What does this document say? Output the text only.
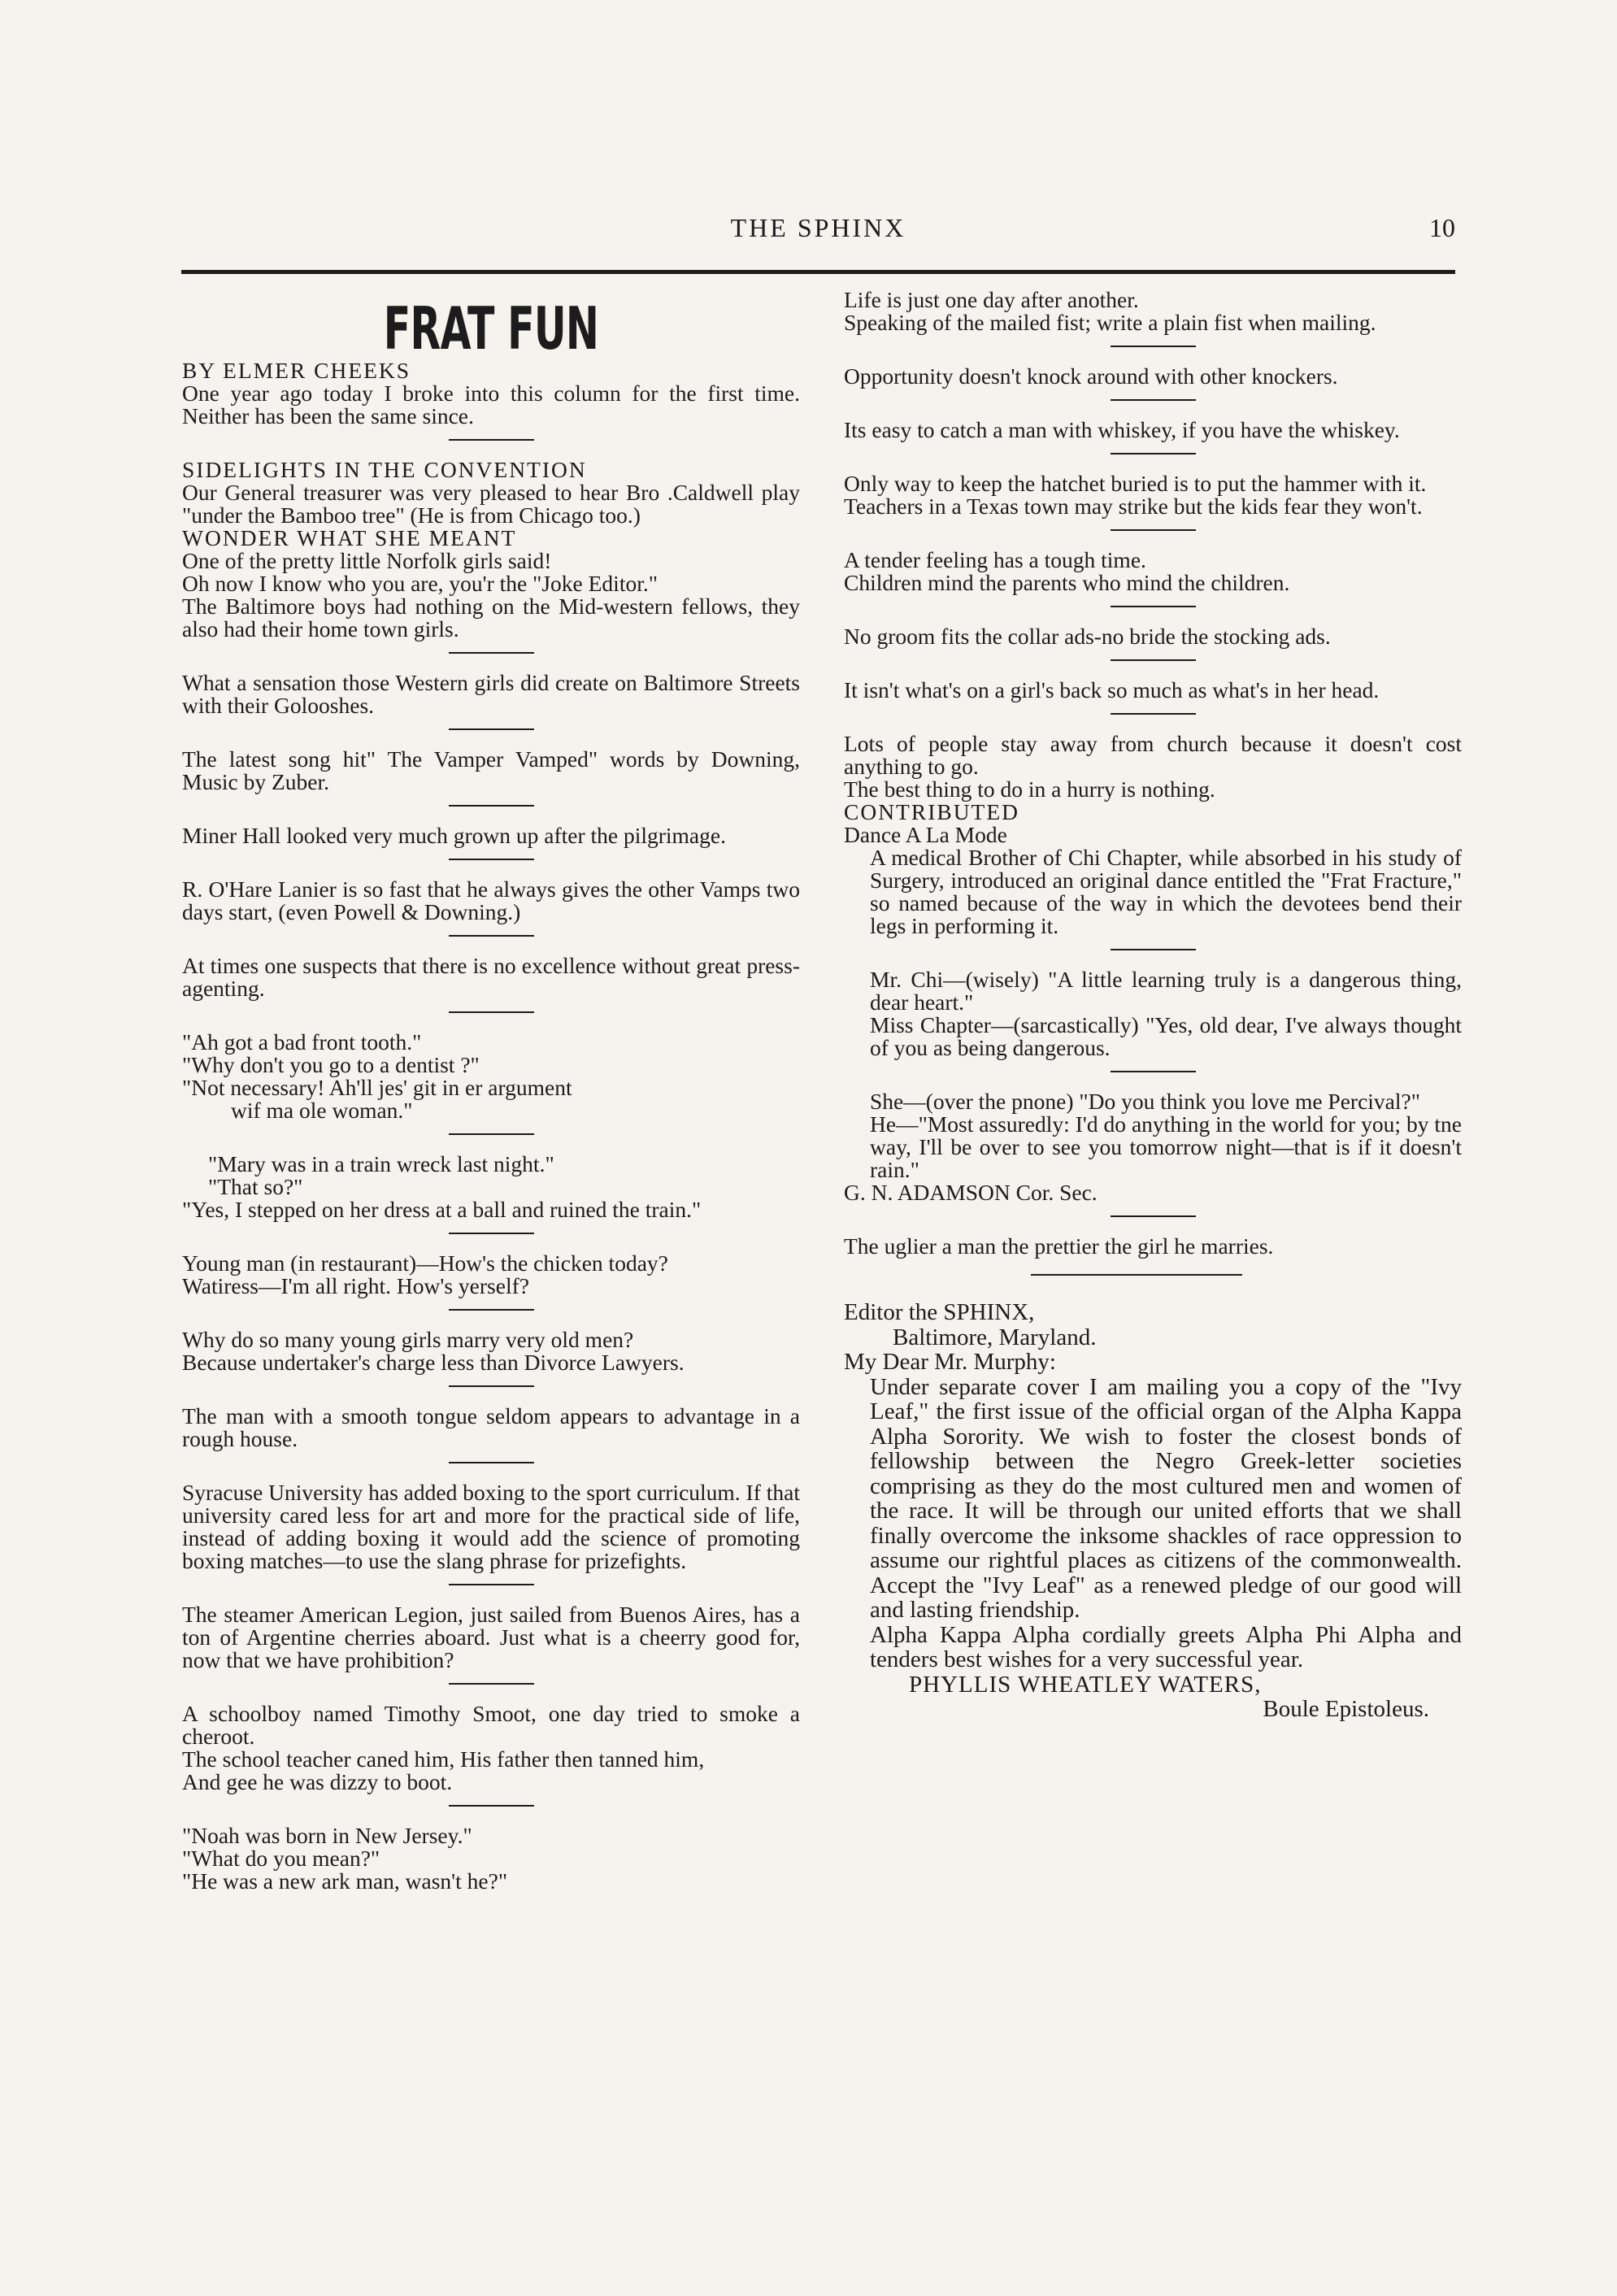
THE SPHINX	10
FRAT FUN

BY ELMER CHEEKS

One year ago today I broke into this column for the first time. Neither has been the same since.

SIDELIGHTS IN THE CONVENTION

Our General treasurer was very pleased to hear Bro .Caldwell play "under the Bamboo tree" (He is from Chicago too.)

WONDER WHAT SHE MEANT

One of the pretty little Norfolk girls said!

Oh now I know who you are, you'r the "Joke Editor."

The Baltimore boys had nothing on the Mid-western fellows, they also had their home town girls.

What a sensation those Western girls did create on Baltimore Streets with their Golooshes.

The latest song hit" The Vamper Vamped" words by Downing, Music by Zuber.

Miner Hall looked very much grown up after the pilgrimage.

R. O'Hare Lanier is so fast that he always gives the other Vamps two days start, (even Powell & Downing.)

At times one suspects that there is no excellence without great press-agenting.

"Ah got a bad front tooth."

"Why don't you go to a dentist ?"

"Not necessary! Ah'll jes' git in er argument

wif ma ole woman."

"Mary was in a train wreck last night."

"That so?"

"Yes, I stepped on her dress at a ball and ruined the train."

Young man (in restaurant)—How's the chicken today?

Watiress—I'm all right. How's yerself?

Why do so many young girls marry very old men?

Because undertaker's charge less than Divorce Lawyers.

The man with a smooth tongue seldom appears to advantage in a rough house.

Syracuse University has added boxing to the sport curriculum. If that university cared less for art and more for the practical side of life, instead of adding boxing it would add the science of promoting boxing matches—to use the slang phrase for prizefights.

The steamer American Legion, just sailed from Buenos Aires, has a ton of Argentine cherries aboard. Just what is a cheerry good for, now that we have prohibition?

A schoolboy named Timothy Smoot, one day tried to smoke a cheroot.

The school teacher caned him, His father then tanned him,

And gee he was dizzy to boot.

"Noah was born in New Jersey."

"What do you mean?"

"He was a new ark man, wasn't he?"

Life is just one day after another.

Speaking of the mailed fist; write a plain fist when mailing.

Opportunity doesn't knock around with other knockers.

Its easy to catch a man with whiskey, if you have the whiskey.

Only way to keep the hatchet buried is to put the hammer with it.

Teachers in a Texas town may strike but the kids fear they won't.

A tender feeling has a tough time.

Children mind the parents who mind the children.

No groom fits the collar ads-no bride the stocking ads.

It isn't what's on a girl's back so much as what's in her head.

Lots of people stay away from church because it doesn't cost anything to go.

The best thing to do in a hurry is nothing.

CONTRIBUTED

Dance A La Mode

A medical Brother of Chi Chapter, while absorbed in his study of Surgery, introduced an original dance entitled the "Frat Fracture," so named because of the way in which the devotees bend their legs in performing it.

Mr. Chi—(wisely) "A little learning truly is a dangerous thing, dear heart."

Miss Chapter—(sarcastically) "Yes, old dear, I've always thought of you as being dangerous.

She—(over the pnone) "Do you think you love me Percival?"

He—"Most assuredly: I'd do anything in the world for you; by tne way, I'll be over to see you tomorrow night—that is if it doesn't rain."

G. N. ADAMSON Cor. Sec.

The uglier a man the prettier the girl he marries.

Editor the SPHINX,

Baltimore, Maryland.

My Dear Mr. Murphy:

Under separate cover I am mailing you a copy of the "Ivy Leaf," the first issue of the official organ of the Alpha Kappa Alpha Sorority. We wish to foster the closest bonds of fellowship between the Negro Greek-letter societies comprising as they do the most cultured men and women of the race. It will be through our united efforts that we shall finally overcome the inksome shackles of race oppression to assume our rightful places as citizens of the commonwealth. Accept the "Ivy Leaf" as a renewed pledge of our good will and lasting friendship.

Alpha Kappa Alpha cordially greets Alpha Phi Alpha and tenders best wishes for a very successful year.

PHYLLIS WHEATLEY WATERS,

Boule Epistoleus.
